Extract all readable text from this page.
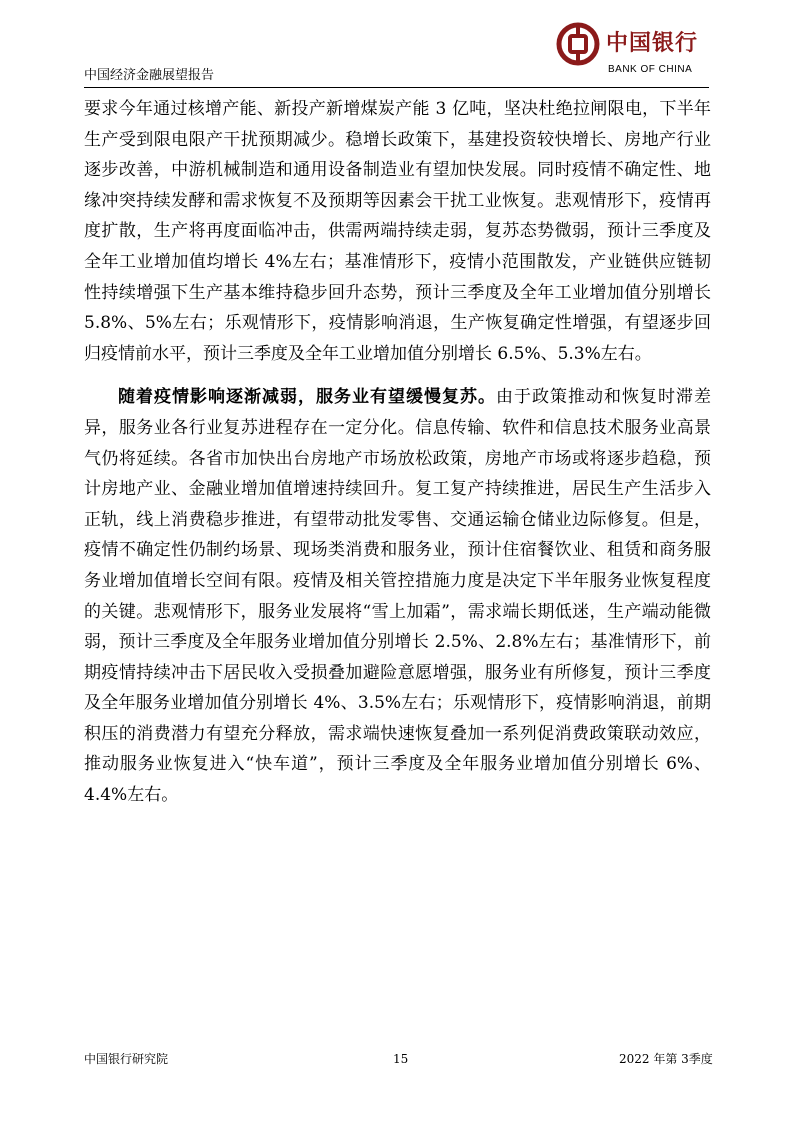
中国经济金融展望报告
中国银行
BANK OF CHINA

要求今年通过核增产能、新投产新增煤炭产能 3 亿吨，坚决杜绝拉闸限电，下半年生产受到限电限产干扰预期减少。稳增长政策下，基建投资较快增长、房地产行业逐步改善，中游机械制造和通用设备制造业有望加快发展。同时疫情不确定性、地缘冲突持续发酵和需求恢复不及预期等因素会干扰工业恢复。悲观情形下，疫情再度扩散，生产将再度面临冲击，供需两端持续走弱，复苏态势微弱，预计三季度及全年工业增加值均增长 4%左右；基准情形下，疫情小范围散发，产业链供应链韧性持续增强下生产基本维持稳步回升态势，预计三季度及全年工业增加值分别增长 5.8%、5%左右；乐观情形下，疫情影响消退，生产恢复确定性增强，有望逐步回归疫情前水平，预计三季度及全年工业增加值分别增长 6.5%、5.3%左右。

随着疫情影响逐渐减弱，服务业有望缓慢复苏。由于政策推动和恢复时滞差异，服务业各行业复苏进程存在一定分化。信息传输、软件和信息技术服务业高景气仍将延续。各省市加快出台房地产市场放松政策，房地产市场或将逐步趋稳，预计房地产业、金融业增加值增速持续回升。复工复产持续推进，居民生产生活步入正轨，线上消费稳步推进，有望带动批发零售、交通运输仓储业边际修复。但是，疫情不确定性仍制约场景、现场类消费和服务业，预计住宿餐饮业、租赁和商务服务业增加值增长空间有限。疫情及相关管控措施力度是决定下半年服务业恢复程度的关键。悲观情形下，服务业发展将“雪上加霜”，需求端长期低迷，生产端动能微弱，预计三季度及全年服务业增加值分别增长 2.5%、2.8%左右；基准情形下，前期疫情持续冲击下居民收入受损叠加避险意愿增强，服务业有所修复，预计三季度及全年服务业增加值分别增长 4%、3.5%左右；乐观情形下，疫情影响消退，前期积压的消费潜力有望充分释放，需求端快速恢复叠加一系列促消费政策联动效应，推动服务业恢复进入“快车道”，预计三季度及全年服务业增加值分别增长 6%、4.4%左右。

中国银行研究院	15	2022 年第 3季度
